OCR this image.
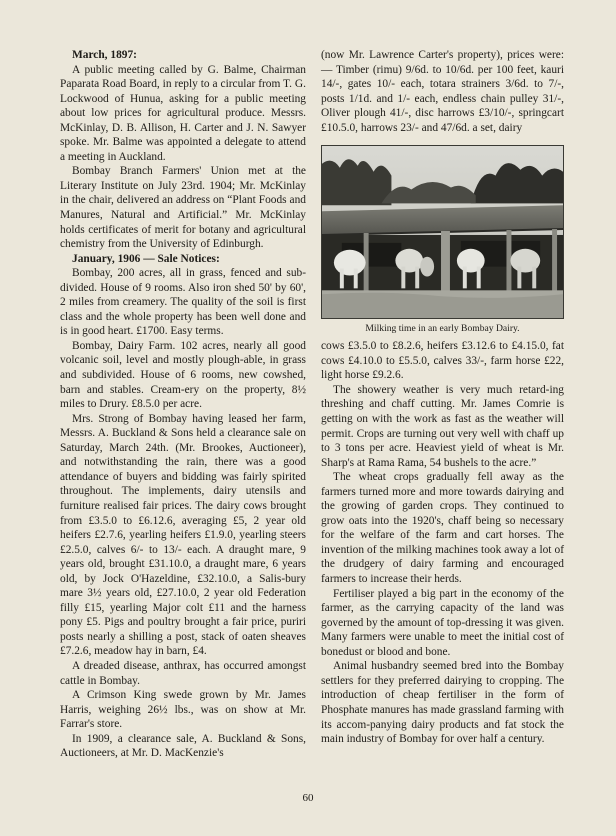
March, 1897:

A public meeting called by G. Balme, Chairman Paparata Road Board, in reply to a circular from T. G. Lockwood of Hunua, asking for a public meeting about low prices for agricultural produce. Messrs. McKinlay, D. B. Allison, H. Carter and J. N. Sawyer spoke. Mr. Balme was appointed a delegate to attend a meeting in Auckland.

Bombay Branch Farmers' Union met at the Literary Institute on July 23rd. 1904; Mr. McKinlay in the chair, delivered an address on “Plant Foods and Manures, Natural and Artificial.” Mr. McKinlay holds certificates of merit for botany and agricultural chemistry from the University of Edinburgh.

January, 1906 — Sale Notices:

Bombay, 200 acres, all in grass, fenced and sub-divided. House of 9 rooms. Also iron shed 50' by 60', 2 miles from creamery. The quality of the soil is first class and the whole property has been well done and is in good heart. £1700. Easy terms.

Bombay, Dairy Farm. 102 acres, nearly all good volcanic soil, level and mostly plough-able, in grass and subdivided. House of 6 rooms, new cowshed, barn and stables. Cream-ery on the property, 8½ miles to Drury. £8.5.0 per acre.

Mrs. Strong of Bombay having leased her farm, Messrs. A. Buckland & Sons held a clearance sale on Saturday, March 24th. (Mr. Brookes, Auctioneer), and notwithstanding the rain, there was a good attendance of buyers and bidding was fairly spirited throughout. The implements, dairy utensils and furniture realised fair prices. The dairy cows brought from £3.5.0 to £6.12.6, averaging £5, 2 year old heifers £2.7.6, yearling heifers £1.9.0, yearling steers £2.5.0, calves 6/- to 13/- each. A draught mare, 9 years old, brought £31.10.0, a draught mare, 6 years old, by Jock O'Hazeldine, £32.10.0, a Salis-bury mare 3½ years old, £27.10.0, 2 year old Federation filly £15, yearling Major colt £11 and the harness pony £5. Pigs and poultry brought a fair price, puriri posts nearly a shilling a post, stack of oaten sheaves £7.2.6, meadow hay in barn, £4.

A dreaded disease, anthrax, has occurred amongst cattle in Bombay.

A Crimson King swede grown by Mr. James Harris, weighing 26½ lbs., was on show at Mr. Farrar's store.

In 1909, a clearance sale, A. Buckland & Sons, Auctioneers, at Mr. D. MacKenzie's

(now Mr. Lawrence Carter's property), prices were: — Timber (rimu) 9/6d. to 10/6d. per 100 feet, kauri 14/-, gates 10/- each, totara strainers 3/6d. to 7/-, posts 1/1d. and 1/- each, endless chain pulley 31/-, Oliver plough 41/-, disc harrows £3/10/-, springcart £10.5.0, harrows 23/- and 47/6d. a set, dairy

Milking time in an early Bombay Dairy.

cows £3.5.0 to £8.2.6, heifers £3.12.6 to £4.15.0, fat cows £4.10.0 to £5.5.0, calves 33/-, farm horse £22, light horse £9.2.6.

The showery weather is very much retard-ing threshing and chaff cutting. Mr. James Comrie is getting on with the work as fast as the weather will permit. Crops are turning out very well with chaff up to 3 tons per acre. Heaviest yield of wheat is Mr. Sharp's at Rama Rama, 54 bushels to the acre.”

The wheat crops gradually fell away as the farmers turned more and more towards dairying and the growing of garden crops. They continued to grow oats into the 1920's, chaff being so necessary for the welfare of the farm and cart horses. The invention of the milking machines took away a lot of the drudgery of dairy farming and encouraged farmers to increase their herds.

Fertiliser played a big part in the economy of the farmer, as the carrying capacity of the land was governed by the amount of top-dressing it was given. Many farmers were unable to meet the initial cost of bonedust or blood and bone.

Animal husbandry seemed bred into the Bombay settlers for they preferred dairying to cropping. The introduction of cheap fertiliser in the form of Phosphate manures has made grassland farming with its accom-panying dairy products and fat stock the main industry of Bombay for over half a century.

60
